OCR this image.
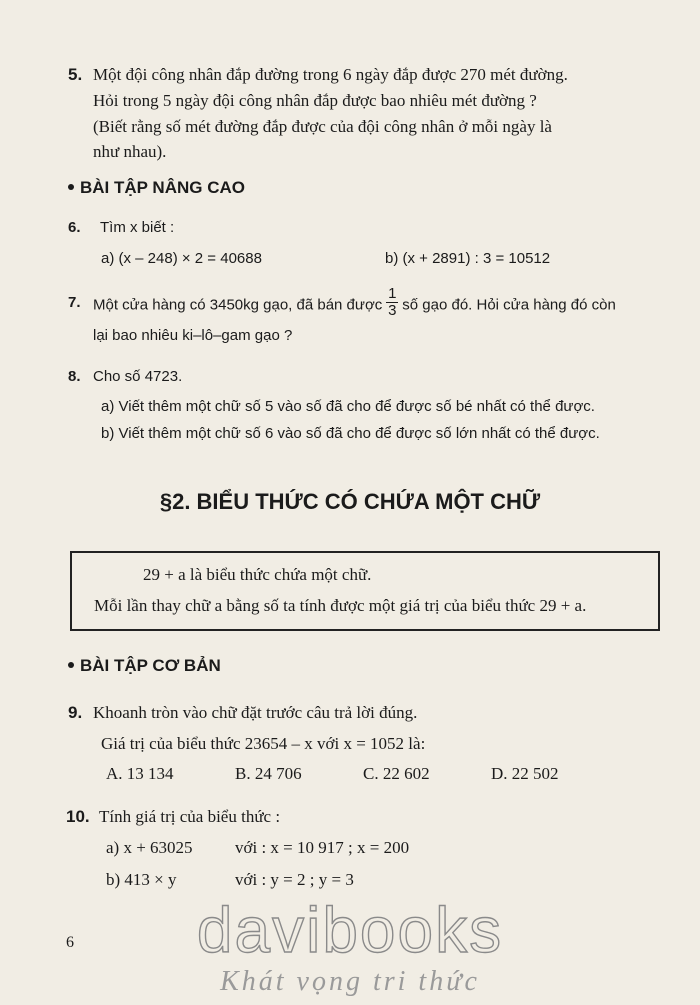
5. Một đội công nhân đắp đường trong 6 ngày đắp được 270 mét đường.
Hỏi trong 5 ngày đội công nhân đắp được bao nhiêu mét đường ?
(Biết rằng số mét đường đắp được của đội công nhân ở mỗi ngày là
như nhau).
BÀI TẬP NÂNG CAO
6. Tìm x biết :
a) (x – 248) × 2 = 40688	b) (x + 2891) : 3 = 10512
7. Một cửa hàng có 3450kg gạo, đã bán được $\frac{1}{3}$ số gạo đó. Hỏi cửa hàng đó còn
lại bao nhiêu ki–lô–gam gạo ?
8. Cho số 4723.
a) Viết thêm một chữ số 5 vào số đã cho để được số bé nhất có thể được.
b) Viết thêm một chữ số 6 vào số đã cho để được số lớn nhất có thể được.
§2. BIỂU THỨC CÓ CHỨA MỘT CHỮ
29 + a là biểu thức chứa một chữ.
Mỗi lần thay chữ a bằng số ta tính được một giá trị của biểu thức 29 + a.
BÀI TẬP CƠ BẢN
9. Khoanh tròn vào chữ đặt trước câu trả lời đúng.
Giá trị của biểu thức 23654 – x với x = 1052 là:
A. 13 134	B. 24 706	C. 22 602	D. 22 502
10. Tính giá trị của biểu thức :
a) x + 63025 với : x = 10 917 ; x = 200
b) 413 × y	với : y = 2 ; y = 3
6	davibooks
Khát vọng tri thức
